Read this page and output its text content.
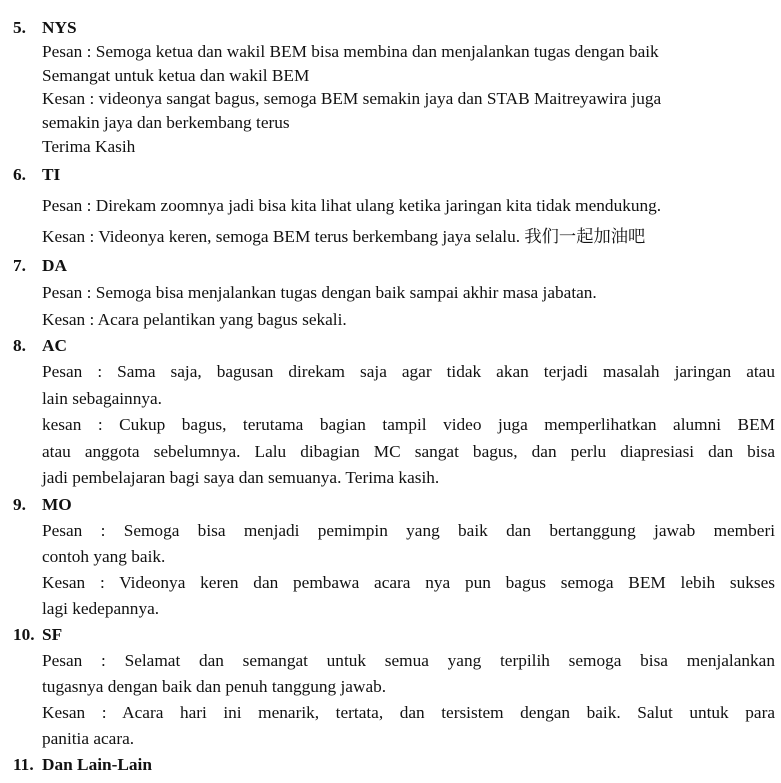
5. NYS
Pesan : Semoga ketua dan wakil BEM bisa membina dan menjalankan tugas dengan baik
Semangat untuk ketua dan wakil BEM
Kesan : videonya sangat bagus, semoga BEM semakin jaya dan STAB Maitreyawira juga
semakin jaya dan berkembang terus
Terima Kasih
6. TI
Pesan : Direkam zoomnya jadi bisa kita lihat ulang ketika jaringan kita tidak mendukung.
Kesan : Videonya keren, semoga BEM terus berkembang jaya selalu. 我们一起加油吧
7. DA
Pesan : Semoga bisa menjalankan tugas dengan baik sampai akhir masa jabatan.
Kesan : Acara pelantikan yang bagus sekali.
8. AC
Pesan : Sama saja, bagusan direkam saja agar tidak akan terjadi masalah jaringan atau
lain sebagainnya.
kesan : Cukup bagus, terutama bagian tampil video juga memperlihatkan alumni BEM
atau anggota sebelumnya. Lalu dibagian MC sangat bagus, dan perlu diapresiasi dan bisa
jadi pembelajaran bagi saya dan semuanya. Terima kasih.
9. MO
Pesan : Semoga bisa menjadi pemimpin yang baik dan bertanggung jawab memberi
contoh yang baik.
Kesan : Videonya keren dan pembawa acara nya pun bagus semoga BEM lebih sukses
lagi kedepannya.
10. SF
Pesan : Selamat dan semangat untuk semua yang terpilih semoga bisa menjalankan
tugasnya dengan baik dan penuh tanggung jawab.
Kesan : Acara hari ini menarik, tertata, dan tersistem dengan baik. Salut untuk para
panitia acara.
11. Dan Lain-Lain
